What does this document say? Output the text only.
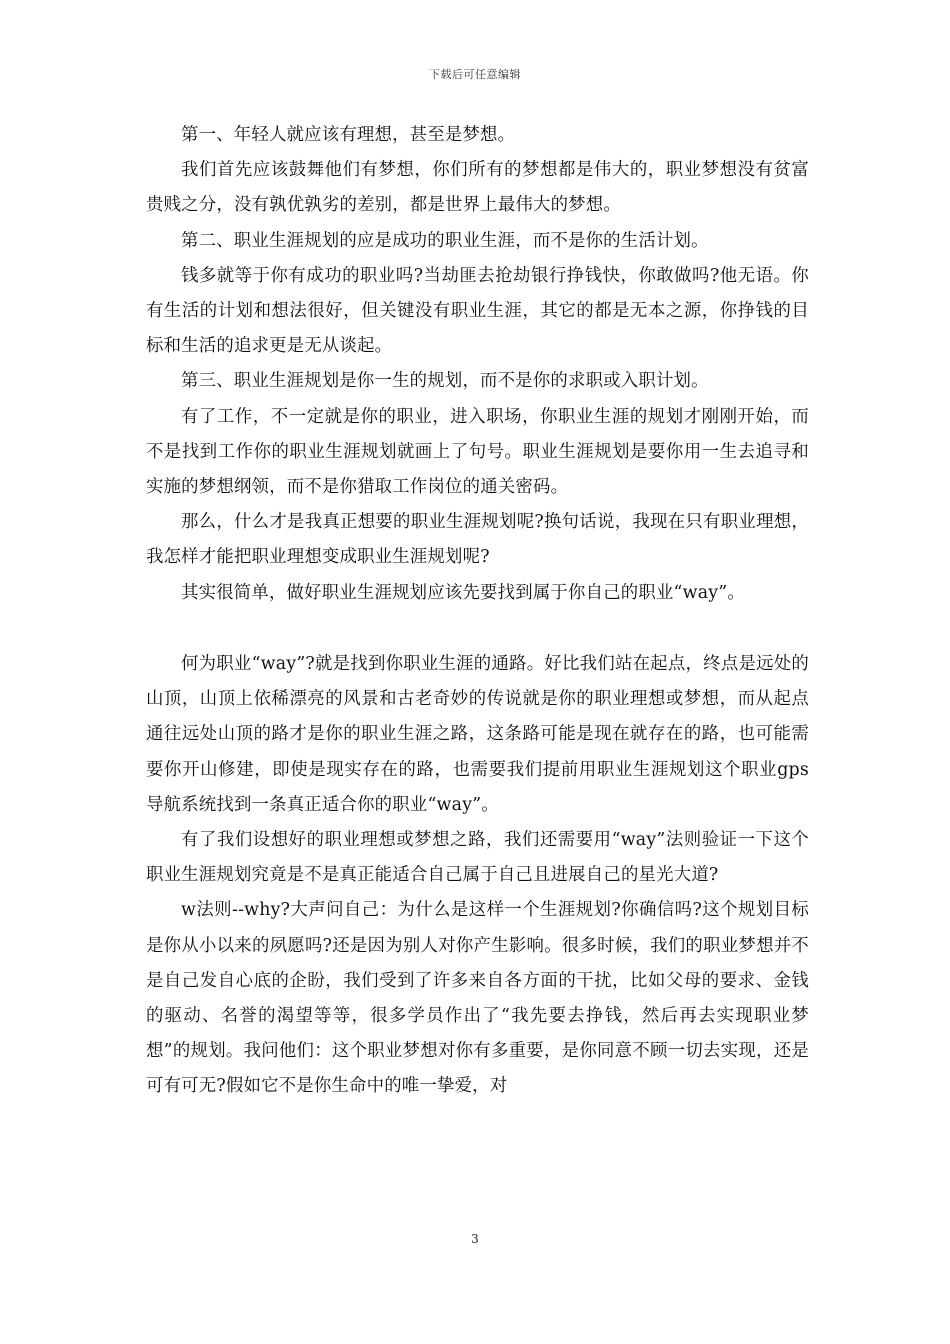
下载后可任意编辑

第一、年轻人就应该有理想，甚至是梦想。

我们首先应该鼓舞他们有梦想，你们所有的梦想都是伟大的，职业梦想没有贫富贵贱之分，没有孰优孰劣的差别，都是世界上最伟大的梦想。

第二、职业生涯规划的应是成功的职业生涯，而不是你的生活计划。

钱多就等于你有成功的职业吗?当劫匪去抢劫银行挣钱快，你敢做吗?他无语。你有生活的计划和想法很好，但关键没有职业生涯，其它的都是无本之源，你挣钱的目标和生活的追求更是无从谈起。

第三、职业生涯规划是你一生的规划，而不是你的求职或入职计划。

有了工作，不一定就是你的职业，进入职场，你职业生涯的规划才刚刚开始，而不是找到工作你的职业生涯规划就画上了句号。职业生涯规划是要你用一生去追寻和实施的梦想纲领，而不是你猎取工作岗位的通关密码。

那么，什么才是我真正想要的职业生涯规划呢?换句话说，我现在只有职业理想，我怎样才能把职业理想变成职业生涯规划呢?

其实很简单，做好职业生涯规划应该先要找到属于你自己的职业“way”。

何为职业“way”?就是找到你职业生涯的通路。好比我们站在起点，终点是远处的山顶，山顶上依稀漂亮的风景和古老奇妙的传说就是你的职业理想或梦想，而从起点通往远处山顶的路才是你的职业生涯之路，这条路可能是现在就存在的路，也可能需要你开山修建，即使是现实存在的路，也需要我们提前用职业生涯规划这个职业gps导航系统找到一条真正适合你的职业“way”。

有了我们设想好的职业理想或梦想之路，我们还需要用“way”法则验证一下这个职业生涯规划究竟是不是真正能适合自己属于自己且进展自己的星光大道?

w法则--why?大声问自己：为什么是这样一个生涯规划?你确信吗?这个规划目标是你从小以来的夙愿吗?还是因为别人对你产生影响。很多时候，我们的职业梦想并不是自己发自心底的企盼，我们受到了许多来自各方面的干扰，比如父母的要求、金钱的驱动、名誉的渴望等等，很多学员作出了“我先要去挣钱，然后再去实现职业梦想”的规划。我问他们：这个职业梦想对你有多重要，是你同意不顾一切去实现，还是可有可无?假如它不是你生命中的唯一挚爱，对

3
